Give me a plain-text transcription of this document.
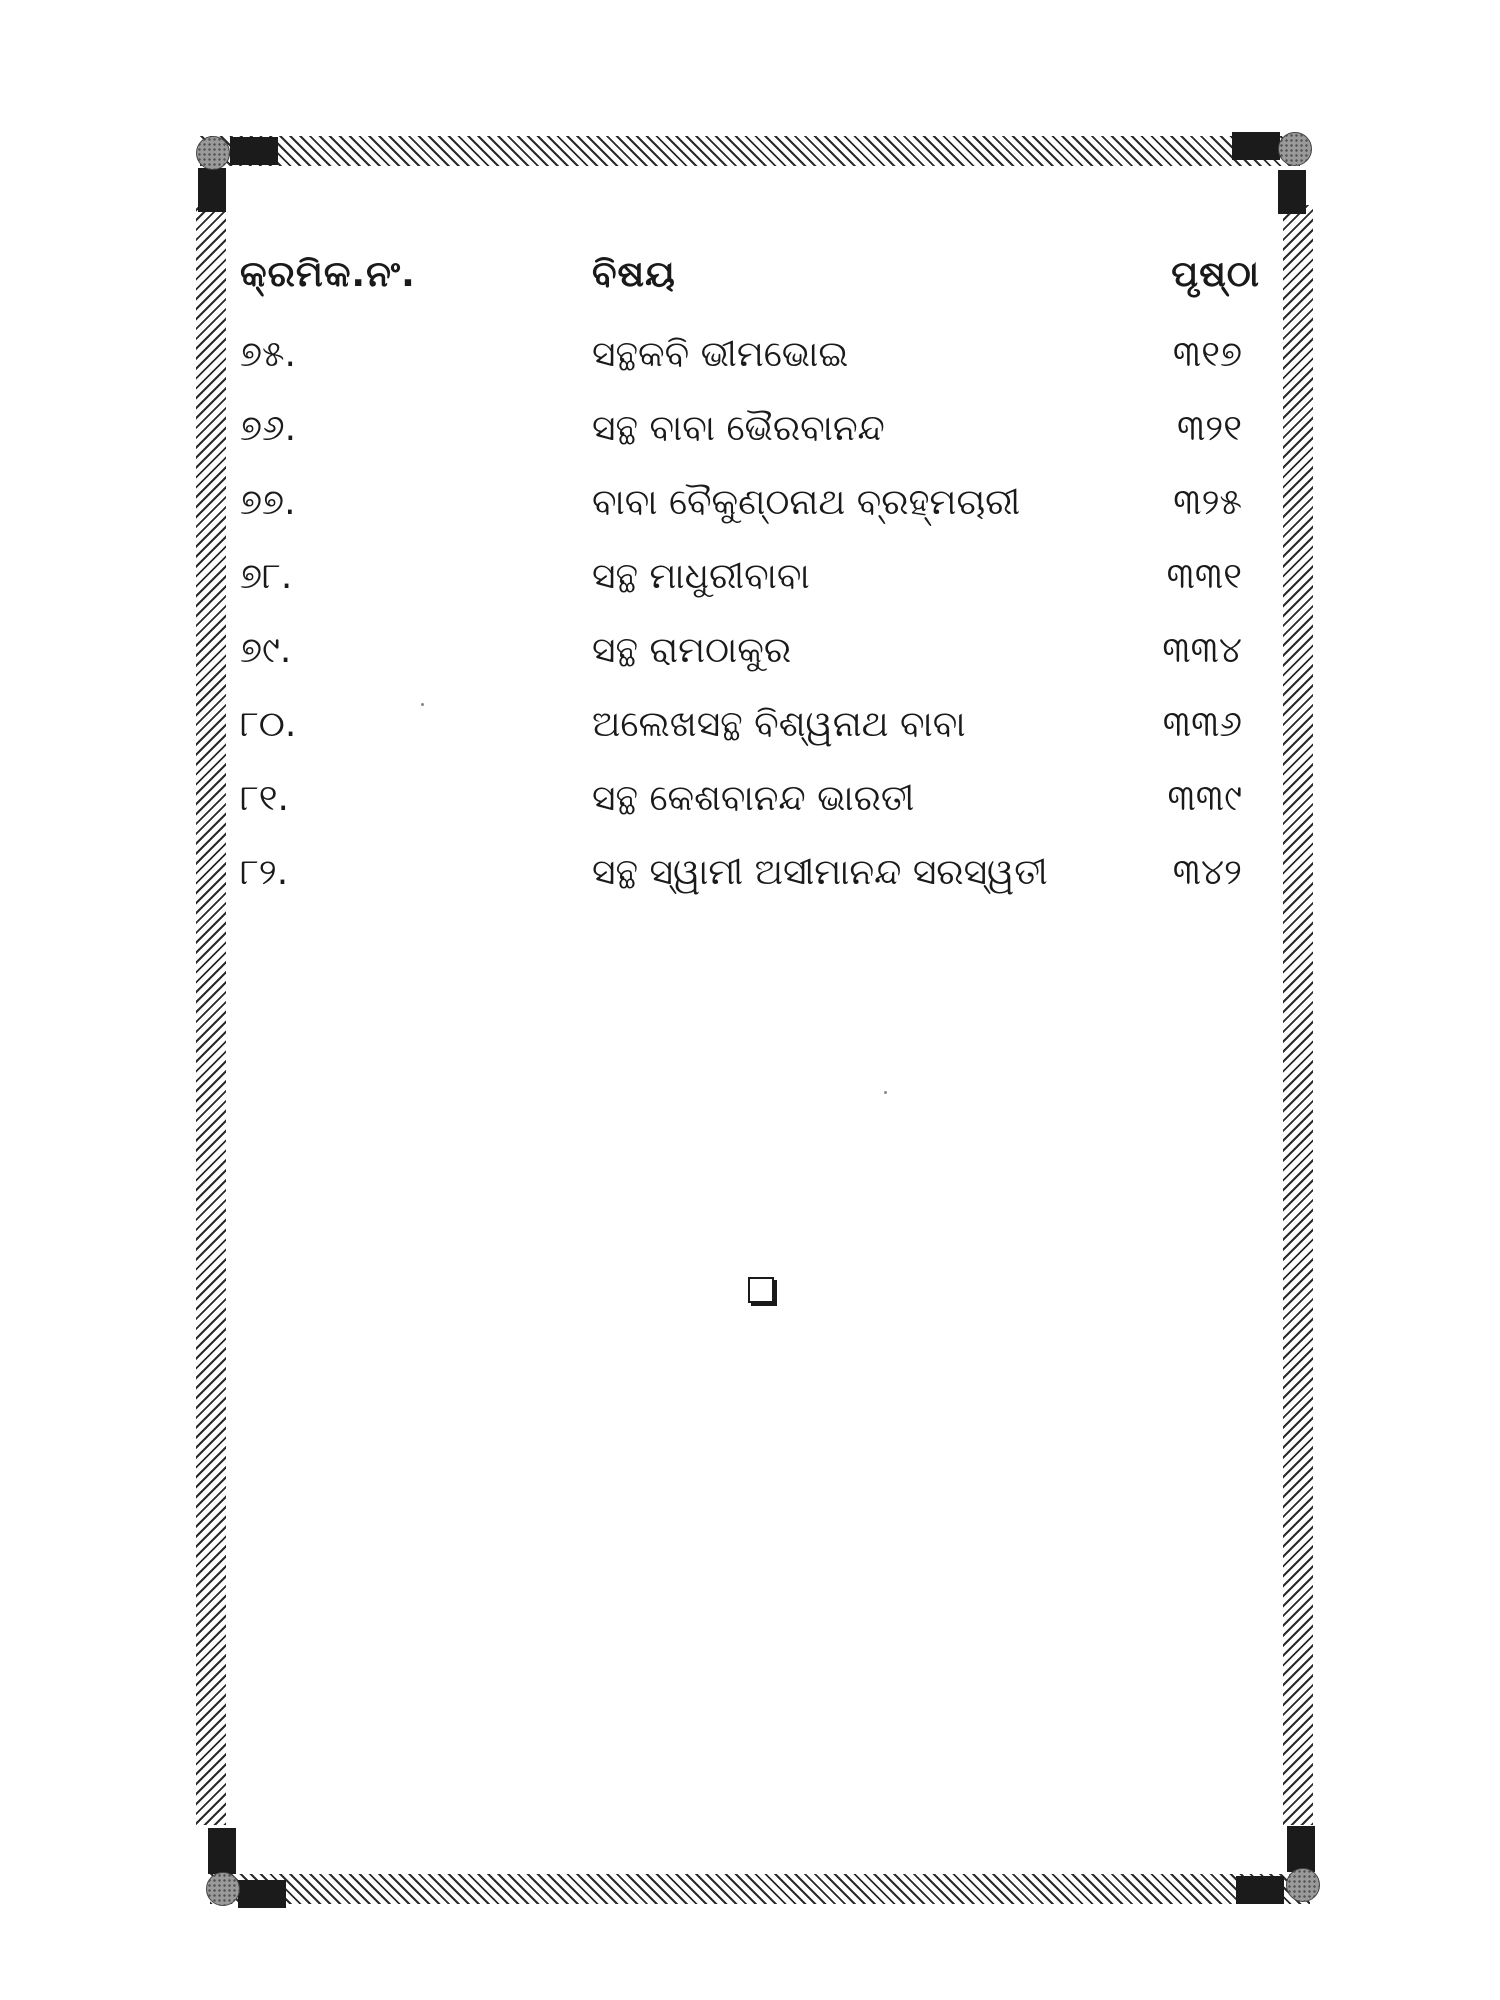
କ୍ରମିକ.ନଂ.	ବିଷୟ	ପୃଷ୍ଠା
୭୫.	ସନ୍ଥକବି ଭୀମଭୋଇ	୩୧୭
୭୬.	ସନ୍ଥ ବାବା ଭୈରବାନନ୍ଦ	୩୨୧
୭୭.	ବାବା ବୈକୁଣ୍ଠନାଥ ବ୍ରହ୍ମଚାରୀ	୩୨୫
୭୮.	ସନ୍ଥ ମାଧୁରୀବାବା	୩୩୧
୭୯.	ସନ୍ଥ ରାମଠାକୁର	୩୩୪
୮୦.	ଅଲେଖସନ୍ଥ ବିଶ୍ୱନାଥ ବାବା	୩୩୬
୮୧.	ସନ୍ଥ କେଶବାନନ୍ଦ ଭାରତୀ	୩୩୯
୮୨.	ସନ୍ଥ ସ୍ୱାମୀ ଅସୀମାନନ୍ଦ ସରସ୍ୱତୀ	୩୪୨
